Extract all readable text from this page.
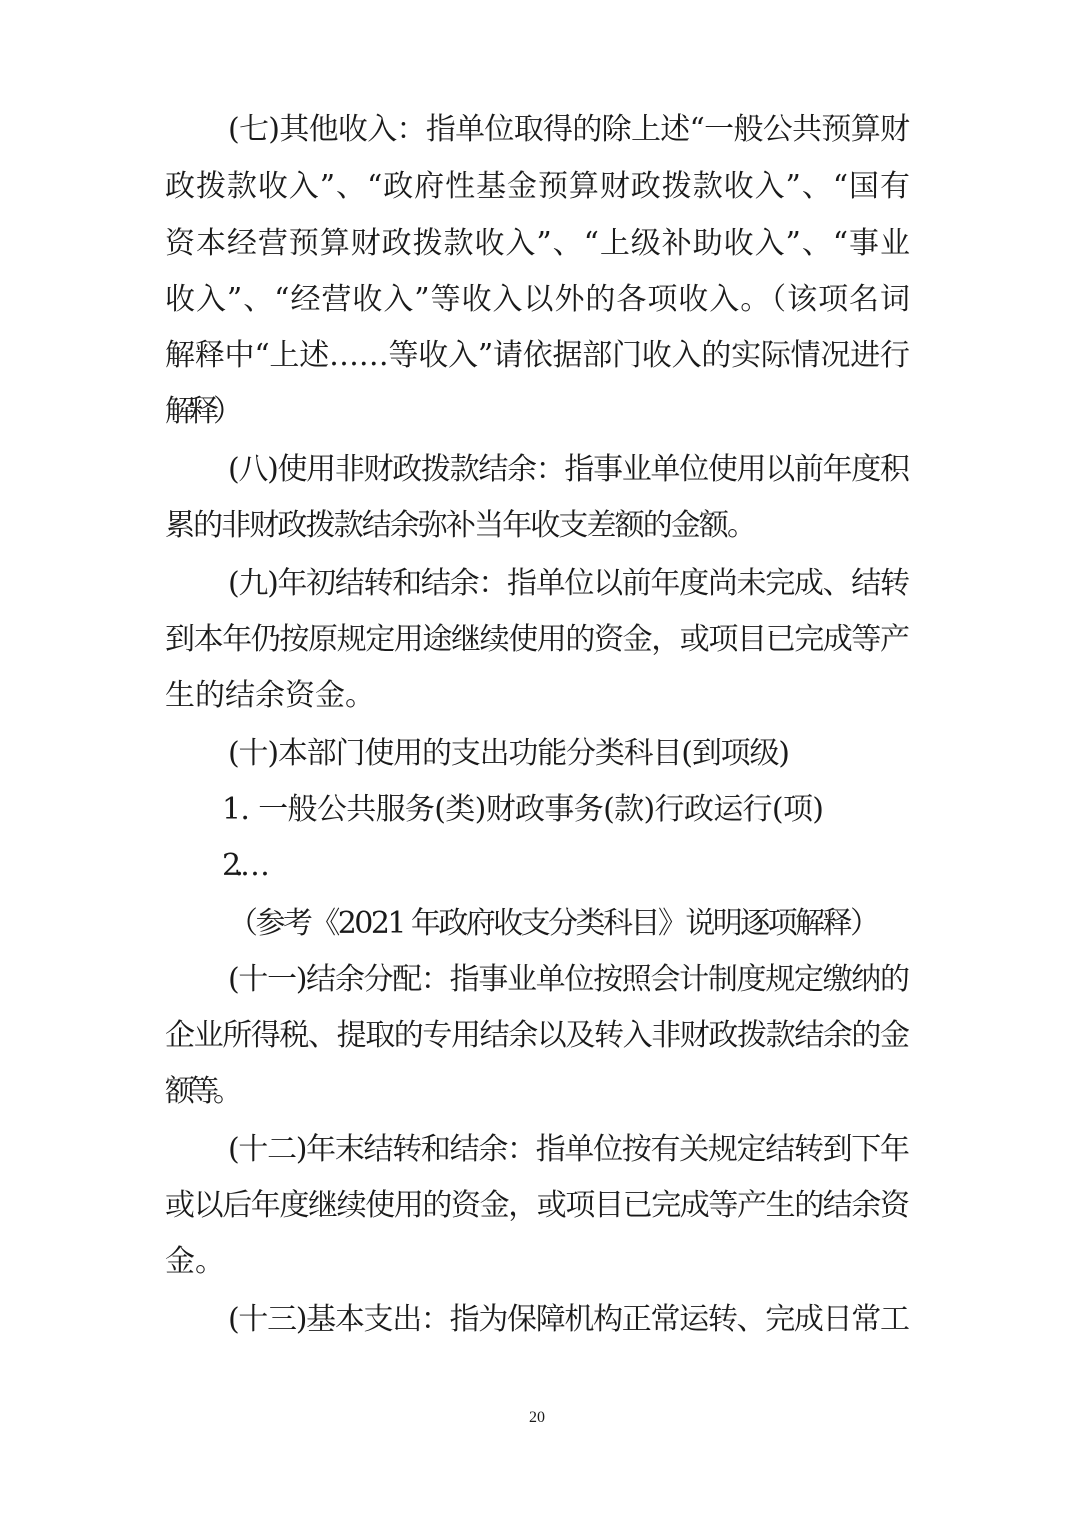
(七)其他收入：指单位取得的除上述“一般公共预算财
政拨款收入”、“政府性基金预算财政拨款收入”、“国有
资本经营预算财政拨款收入”、“上级补助收入”、“事业
收入”、“经营收入”等收入以外的各项收入。（该项名词
解释中“上述……等收入”请依据部门收入的实际情况进行
解释）
(八)使用非财政拨款结余：指事业单位使用以前年度积
累的非财政拨款结余弥补当年收支差额的金额。
(九)年初结转和结余：指单位以前年度尚未完成、结转
到本年仍按原规定用途继续使用的资金，或项目已完成等产
生的结余资金。
(十)本部门使用的支出功能分类科目(到项级)
1. 一般公共服务(类)财政事务(款)行政运行(项)
2. …
（参考《2021 年政府收支分类科目》说明逐项解释）
(十一)结余分配：指事业单位按照会计制度规定缴纳的
企业所得税、提取的专用结余以及转入非财政拨款结余的金
额等。
(十二)年末结转和结余：指单位按有关规定结转到下年
或以后年度继续使用的资金，或项目已完成等产生的结余资
金。
(十三)基本支出：指为保障机构正常运转、完成日常工
20
